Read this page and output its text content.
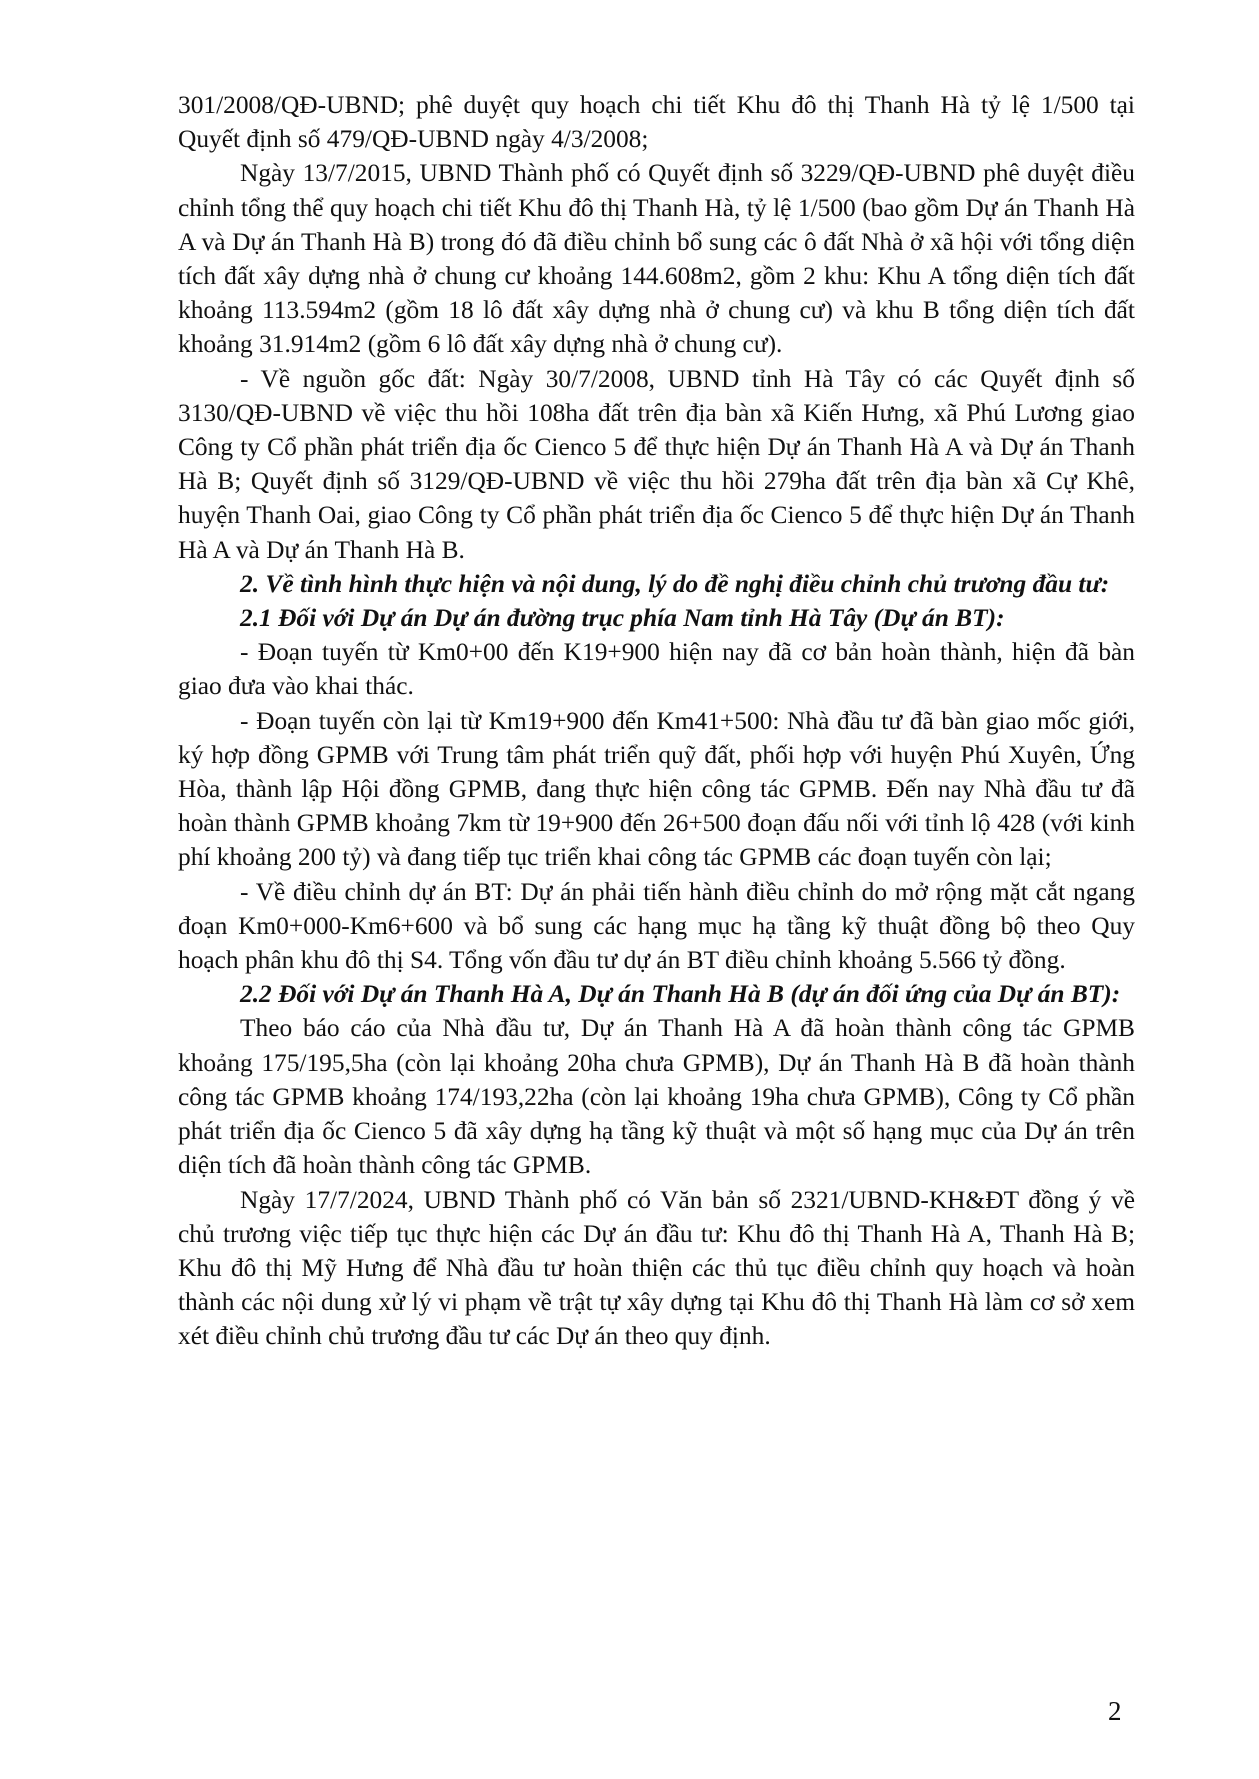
301/2008/QĐ-UBND; phê duyệt quy hoạch chi tiết Khu đô thị Thanh Hà tỷ lệ 1/500 tại Quyết định số 479/QĐ-UBND ngày 4/3/2008;

Ngày 13/7/2015, UBND Thành phố có Quyết định số 3229/QĐ-UBND phê duyệt điều chỉnh tổng thể quy hoạch chi tiết Khu đô thị Thanh Hà, tỷ lệ 1/500 (bao gồm Dự án Thanh Hà A và Dự án Thanh Hà B) trong đó đã điều chỉnh bổ sung các ô đất Nhà ở xã hội với tổng diện tích đất xây dựng nhà ở chung cư khoảng 144.608m2, gồm 2 khu: Khu A tổng diện tích đất khoảng 113.594m2 (gồm 18 lô đất xây dựng nhà ở chung cư) và khu B tổng diện tích đất khoảng 31.914m2 (gồm 6 lô đất xây dựng nhà ở chung cư).

- Về nguồn gốc đất: Ngày 30/7/2008, UBND tỉnh Hà Tây có các Quyết định số 3130/QĐ-UBND về việc thu hồi 108ha đất trên địa bàn xã Kiến Hưng, xã Phú Lương giao Công ty Cổ phần phát triển địa ốc Cienco 5 để thực hiện Dự án Thanh Hà A và Dự án Thanh Hà B; Quyết định số 3129/QĐ-UBND về việc thu hồi 279ha đất trên địa bàn xã Cự Khê, huyện Thanh Oai, giao Công ty Cổ phần phát triển địa ốc Cienco 5 để thực hiện Dự án Thanh Hà A và Dự án Thanh Hà B.

2. Về tình hình thực hiện và nội dung, lý do đề nghị điều chỉnh chủ trương đầu tư:

2.1 Đối với Dự án Dự án đường trục phía Nam tỉnh Hà Tây (Dự án BT):

- Đoạn tuyến từ Km0+00 đến K19+900 hiện nay đã cơ bản hoàn thành, hiện đã bàn giao đưa vào khai thác.

- Đoạn tuyến còn lại từ Km19+900 đến Km41+500: Nhà đầu tư đã bàn giao mốc giới, ký hợp đồng GPMB với Trung tâm phát triển quỹ đất, phối hợp với huyện Phú Xuyên, Ứng Hòa, thành lập Hội đồng GPMB, đang thực hiện công tác GPMB. Đến nay Nhà đầu tư đã hoàn thành GPMB khoảng 7km từ 19+900 đến 26+500 đoạn đấu nối với tỉnh lộ 428 (với kinh phí khoảng 200 tỷ) và đang tiếp tục triển khai công tác GPMB các đoạn tuyến còn lại;

- Về điều chỉnh dự án BT: Dự án phải tiến hành điều chỉnh do mở rộng mặt cắt ngang đoạn Km0+000-Km6+600 và bổ sung các hạng mục hạ tầng kỹ thuật đồng bộ theo Quy hoạch phân khu đô thị S4. Tổng vốn đầu tư dự án BT điều chỉnh khoảng 5.566 tỷ đồng.

2.2 Đối với Dự án Thanh Hà A, Dự án Thanh Hà B (dự án đối ứng của Dự án BT):

Theo báo cáo của Nhà đầu tư, Dự án Thanh Hà A đã hoàn thành công tác GPMB khoảng 175/195,5ha (còn lại khoảng 20ha chưa GPMB), Dự án Thanh Hà B đã hoàn thành công tác GPMB khoảng 174/193,22ha (còn lại khoảng 19ha chưa GPMB), Công ty Cổ phần phát triển địa ốc Cienco 5 đã xây dựng hạ tầng kỹ thuật và một số hạng mục của Dự án trên diện tích đã hoàn thành công tác GPMB.

Ngày 17/7/2024, UBND Thành phố có Văn bản số 2321/UBND-KH&ĐT đồng ý về chủ trương việc tiếp tục thực hiện các Dự án đầu tư: Khu đô thị Thanh Hà A, Thanh Hà B; Khu đô thị Mỹ Hưng để Nhà đầu tư hoàn thiện các thủ tục điều chỉnh quy hoạch và hoàn thành các nội dung xử lý vi phạm về trật tự xây dựng tại Khu đô thị Thanh Hà làm cơ sở xem xét điều chỉnh chủ trương đầu tư các Dự án theo quy định.

2
